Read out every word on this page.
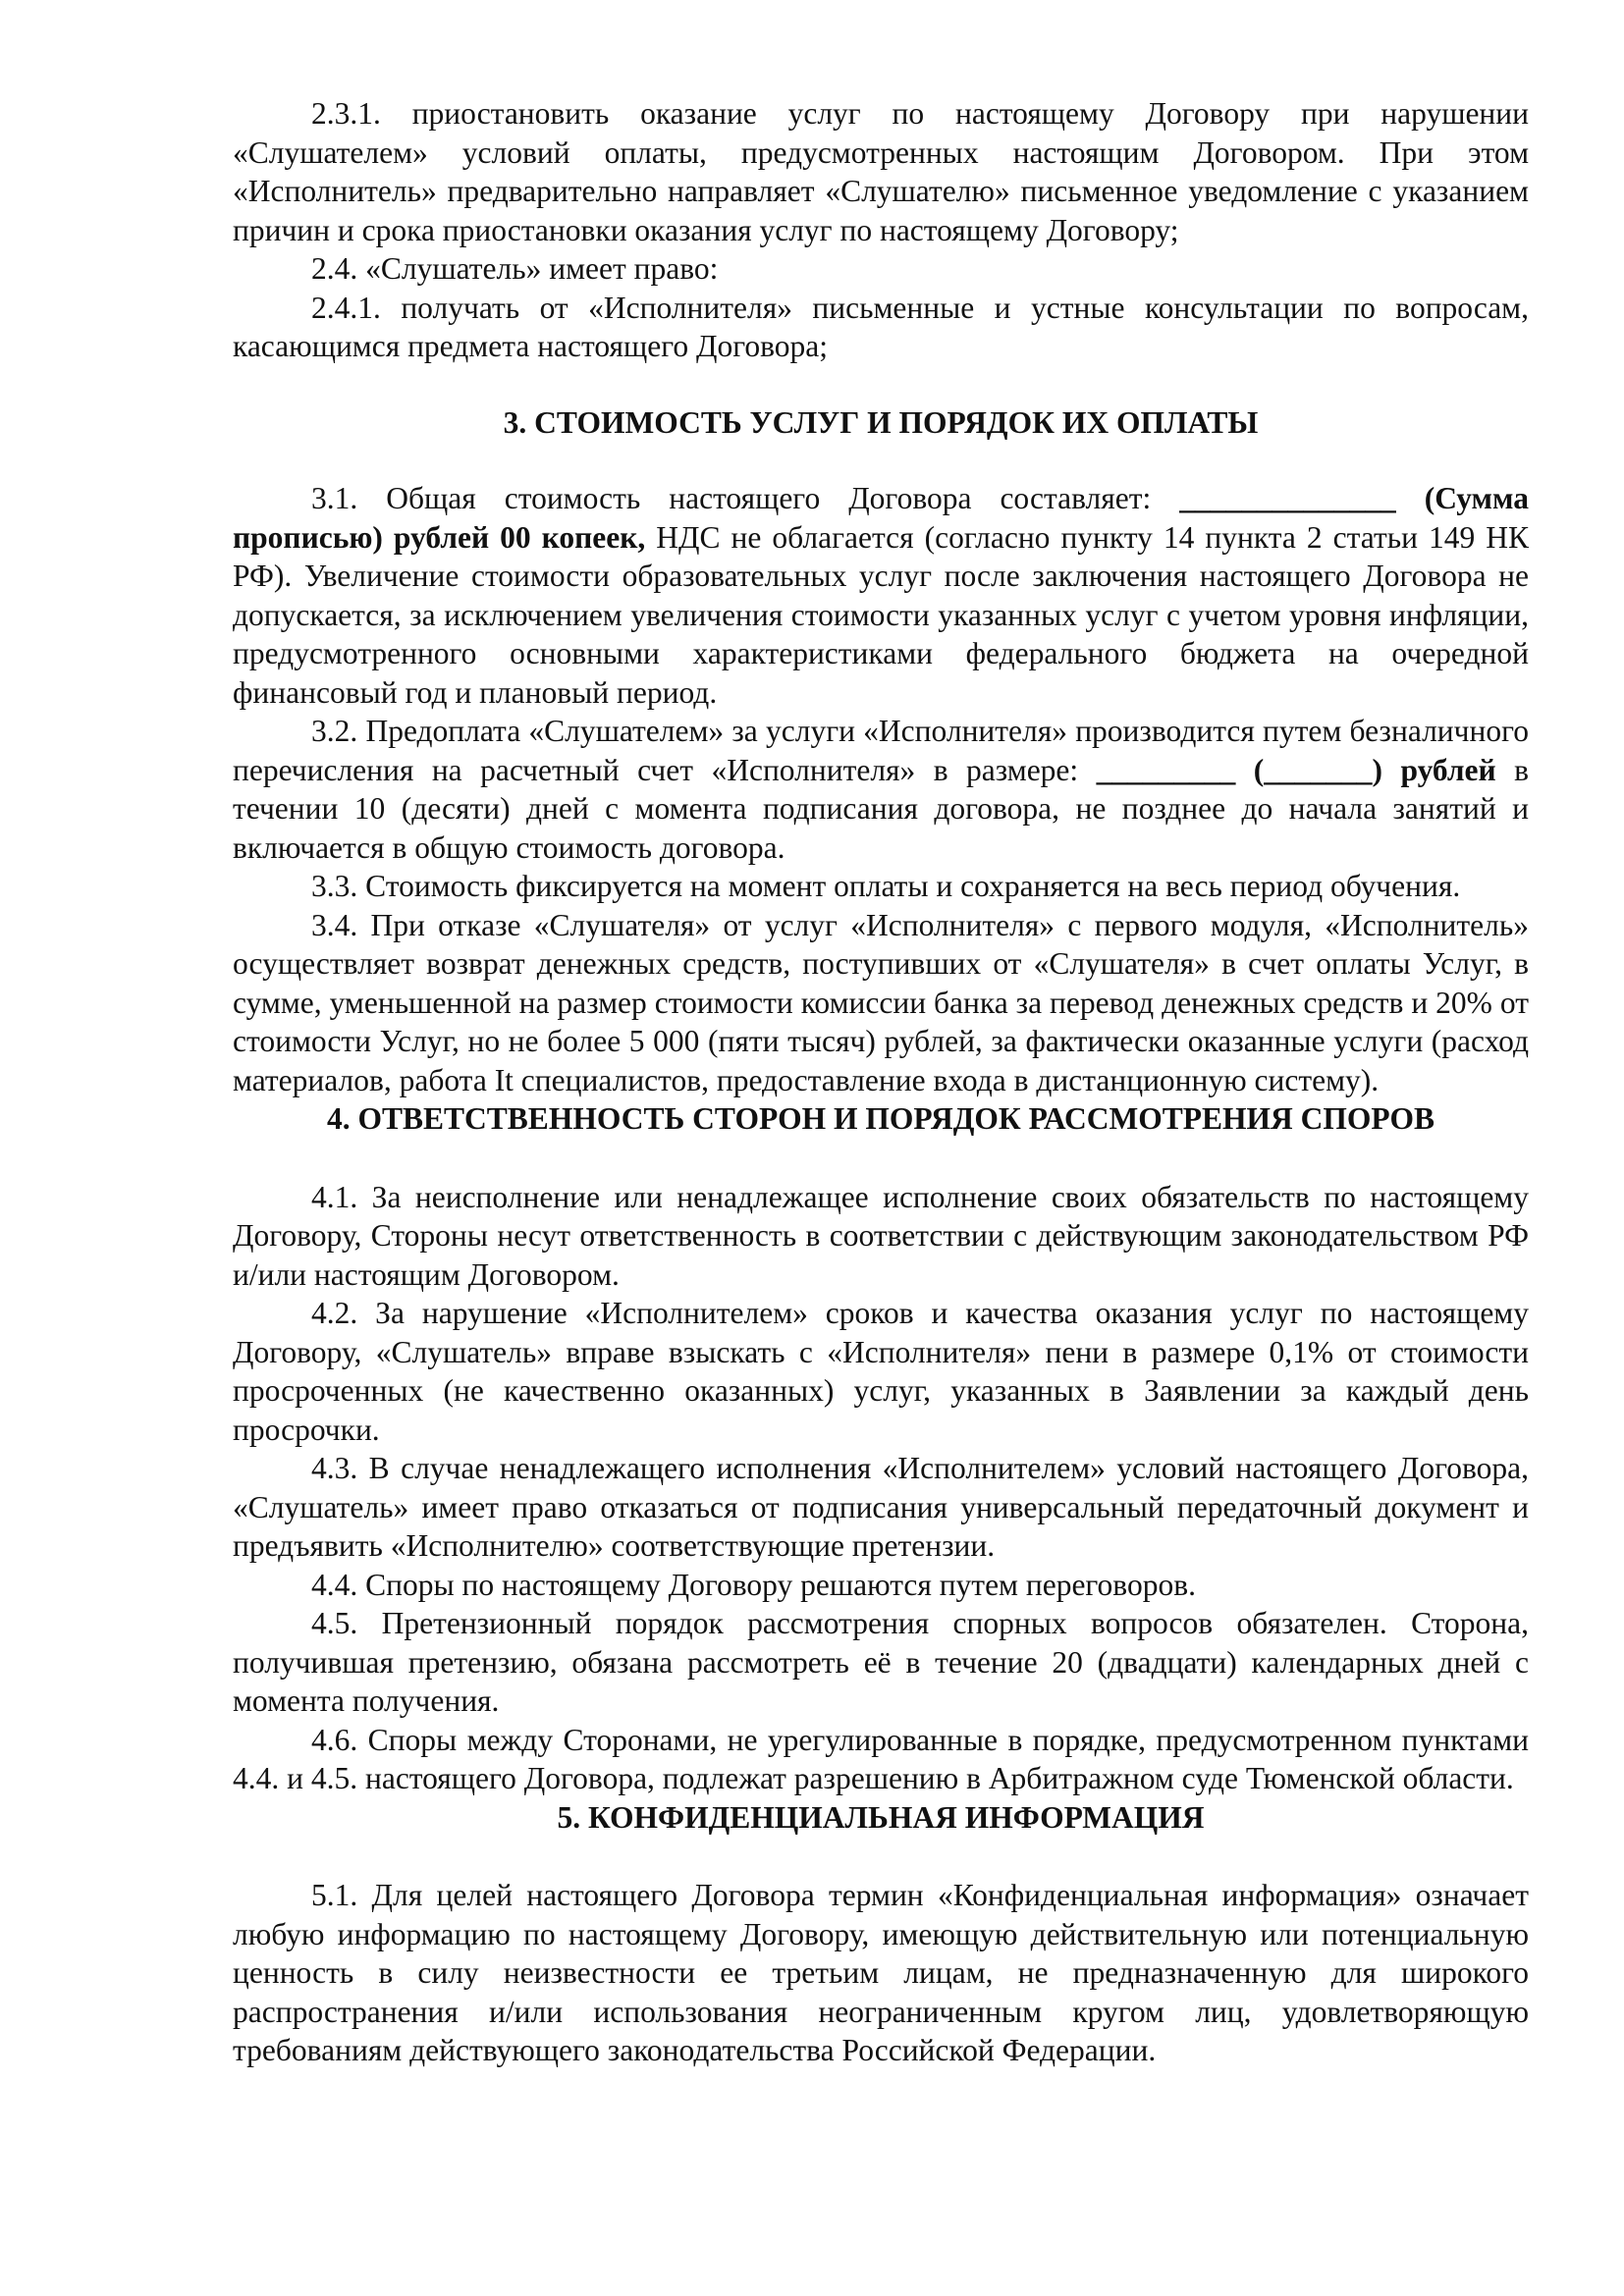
2.3.1. приостановить оказание услуг по настоящему Договору при нарушении «Слушателем» условий оплаты, предусмотренных настоящим Договором. При этом «Исполнитель» предварительно направляет «Слушателю» письменное уведомление с указанием причин и срока приостановки оказания услуг по настоящему Договору;

2.4. «Слушатель» имеет право:

2.4.1. получать от «Исполнителя» письменные и устные консультации по вопросам, касающимся предмета настоящего Договора;

3. СТОИМОСТЬ УСЛУГ И ПОРЯДОК ИХ ОПЛАТЫ

3.1. Общая стоимость настоящего Договора составляет: ______________ (Сумма прописью) рублей 00 копеек, НДС не облагается (согласно пункту 14 пункта 2 статьи 149 НК РФ). Увеличение стоимости образовательных услуг после заключения настоящего Договора не допускается, за исключением увеличения стоимости указанных услуг с учетом уровня инфляции, предусмотренного основными характеристиками федерального бюджета на очередной финансовый год и плановый период.

3.2. Предоплата «Слушателем» за услуги «Исполнителя» производится путем безналичного перечисления на расчетный счет «Исполнителя» в размере: _________ (_______) рублей в течении 10 (десяти) дней с момента подписания договора, не позднее до начала занятий и включается в общую стоимость договора.

3.3. Стоимость фиксируется на момент оплаты и сохраняется на весь период обучения.

3.4. При отказе «Слушателя» от услуг «Исполнителя» с первого модуля, «Исполнитель» осуществляет возврат денежных средств, поступивших от «Слушателя» в счет оплаты Услуг, в сумме, уменьшенной на размер стоимости комиссии банка за перевод денежных средств и 20% от стоимости Услуг, но не более 5 000 (пяти тысяч) рублей, за фактически оказанные услуги (расход материалов, работа It специалистов, предоставление входа в дистанционную систему).

4. ОТВЕТСТВЕННОСТЬ СТОРОН И ПОРЯДОК РАССМОТРЕНИЯ СПОРОВ

4.1. За неисполнение или ненадлежащее исполнение своих обязательств по настоящему Договору, Стороны несут ответственность в соответствии с действующим законодательством РФ и/или настоящим Договором.

4.2. За нарушение «Исполнителем» сроков и качества оказания услуг по настоящему Договору, «Слушатель» вправе взыскать с «Исполнителя» пени в размере 0,1% от стоимости просроченных (не качественно оказанных) услуг, указанных в Заявлении за каждый день просрочки.

4.3. В случае ненадлежащего исполнения «Исполнителем» условий настоящего Договора, «Слушатель» имеет право отказаться от подписания универсальный передаточный документ и предъявить «Исполнителю» соответствующие претензии.

4.4. Споры по настоящему Договору решаются путем переговоров.

4.5. Претензионный порядок рассмотрения спорных вопросов обязателен. Сторона, получившая претензию, обязана рассмотреть её в течение 20 (двадцати) календарных дней с момента получения.

4.6. Споры между Сторонами, не урегулированные в порядке, предусмотренном пунктами 4.4. и 4.5. настоящего Договора, подлежат разрешению в Арбитражном суде Тюменской области.

5. КОНФИДЕНЦИАЛЬНАЯ ИНФОРМАЦИЯ

5.1. Для целей настоящего Договора термин «Конфиденциальная информация» означает любую информацию по настоящему Договору, имеющую действительную или потенциальную ценность в силу неизвестности ее третьим лицам, не предназначенную для широкого распространения и/или использования неограниченным кругом лиц, удовлетворяющую требованиям действующего законодательства Российской Федерации.
